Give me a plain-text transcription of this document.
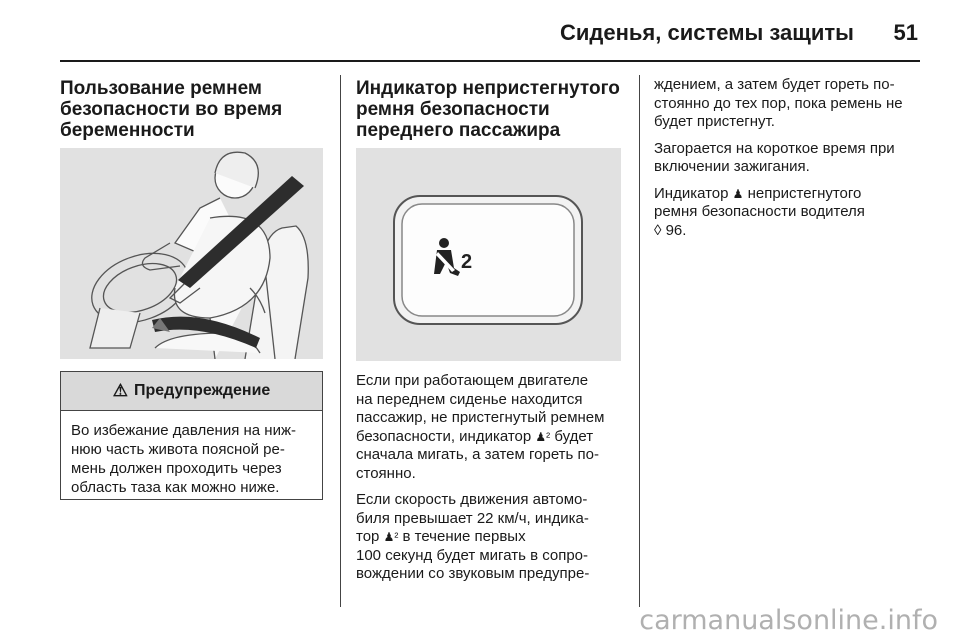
Сиденья, системы защиты 51
Пользование ремнем
безопасности во время
беременности
⚠ Предупреждение
Во избежание давления на ниж-
нюю часть живота поясной ре-
мень должен проходить через
область таза как можно ниже.
Индикатор непристегнутого
ремня безопасности
переднего пассажира
2

Если при работающем двигателе
на переднем сиденье находится
пассажир, не пристегнутый ремнем
безопасности, индикатор ♟² будет
сначала мигать, а затем гореть по-
стоянно.

Если скорость движения автомо-
биля превышает 22 км/ч, индика-
тор ♟² в течение первых
100 секунд будет мигать в сопро-
вождении со звуковым предупре-

ждением, а затем будет гореть по-
стоянно до тех пор, пока ремень не
будет пристегнут.

Загорается на короткое время при
включении зажигания.

Индикатор ♟ непристегнутого
ремня безопасности водителя
◊ 96.

carmanualsonline.info
